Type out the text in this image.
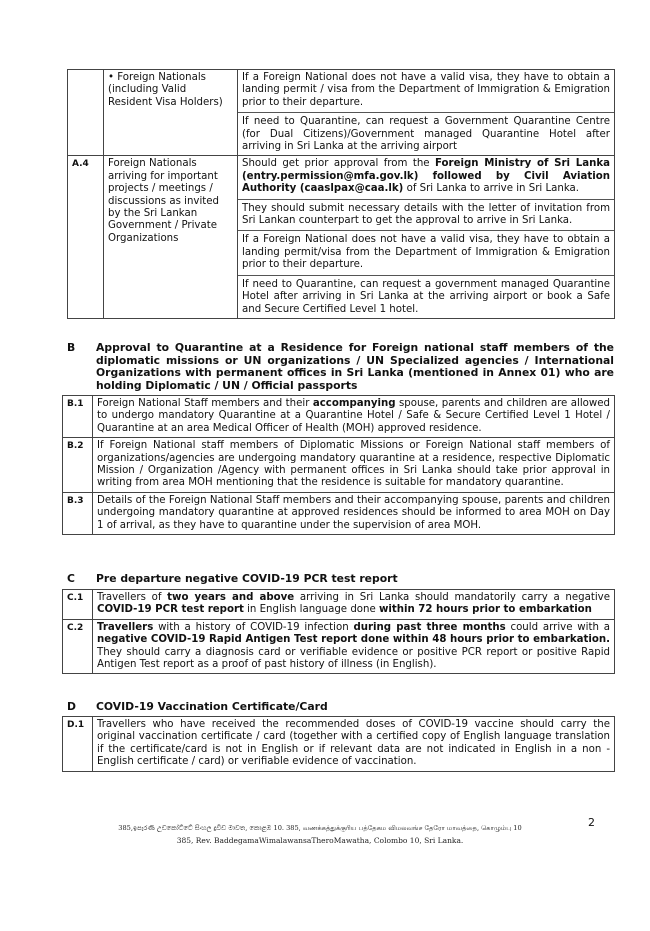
	• Foreign Nationals (including Valid Resident Visa Holders)	If a Foreign National does not have a valid visa, they have to obtain a landing permit / visa from the Department of Immigration & Emigration prior to their departure.
If need to Quarantine, can request a Government Quarantine Centre (for Dual Citizens)/Government managed Quarantine Hotel after arriving in Sri Lanka at the arriving airport

A.4	Foreign Nationals arriving for important projects / meetings / discussions as invited by the Sri Lankan Government / Private Organizations	Should get prior approval from the Foreign Ministry of Sri Lanka (entry.permission@mfa.gov.lk) followed by Civil Aviation Authority (caaslpax@caa.lk) of Sri Lanka to arrive in Sri Lanka.
They should submit necessary details with the letter of invitation from Sri Lankan counterpart to get the approval to arrive in Sri Lanka.
If a Foreign National does not have a valid visa, they have to obtain a landing permit/visa from the Department of Immigration & Emigration prior to their departure.
If need to Quarantine, can request a government managed Quarantine Hotel after arriving in Sri Lanka at the arriving airport or book a Safe and Secure Certified Level 1 hotel.
B Approval to Quarantine at a Residence for Foreign national staff members of the diplomatic missions or UN organizations / UN Specialized agencies / International Organizations with permanent offices in Sri Lanka (mentioned in Annex 01) who are holding Diplomatic / UN / Official passports
B.1	Foreign National Staff members and their accompanying spouse, parents and children are allowed to undergo mandatory Quarantine at a Quarantine Hotel / Safe & Secure Certified Level 1 Hotel / Quarantine at an area Medical Officer of Health (MOH) approved residence.
B.2	If Foreign National staff members of Diplomatic Missions or Foreign National staff members of organizations/agencies are undergoing mandatory quarantine at a residence, respective Diplomatic Mission / Organization /Agency with permanent offices in Sri Lanka should take prior approval in writing from area MOH mentioning that the residence is suitable for mandatory quarantine.
B.3	Details of the Foreign National Staff members and their accompanying spouse, parents and children undergoing mandatory quarantine at approved residences should be informed to area MOH on Day 1 of arrival, as they have to quarantine under the supervision of area MOH.
C Pre departure negative COVID-19 PCR test report
C.1	Travellers of two years and above arriving in Sri Lanka should mandatorily carry a negative COVID-19 PCR test report in English language done within 72 hours prior to embarkation
C.2	Travellers with a history of COVID-19 infection during past three months could arrive with a negative COVID-19 Rapid Antigen Test report done within 48 hours prior to embarkation. They should carry a diagnosis card or verifiable evidence or positive PCR report or positive Rapid Antigen Test report as a proof of past history of illness (in English).
D COVID-19 Vaccination Certificate/Card
D.1	Travellers who have received the recommended doses of COVID-19 vaccine should carry the original vaccination certificate / card (together with a certified copy of English language translation if the certificate/card is not in English or if relevant data are not indicated in English in a non - English certificate / card) or verifiable evidence of vaccination.
385,ඉපැරණි උඩකෝට්ටේ සිංහල ද්‍රවිඩ මාවත, කොළඹ 10. 385, வணக்கத்துக்குரிய பத்தேகம விமலவங்ச தேரோ மாவத்தை, கொழும்பு 10
385, Rev. BaddegamaWimalawansaTheroMawatha, Colombo 10, Sri Lanka.
2
